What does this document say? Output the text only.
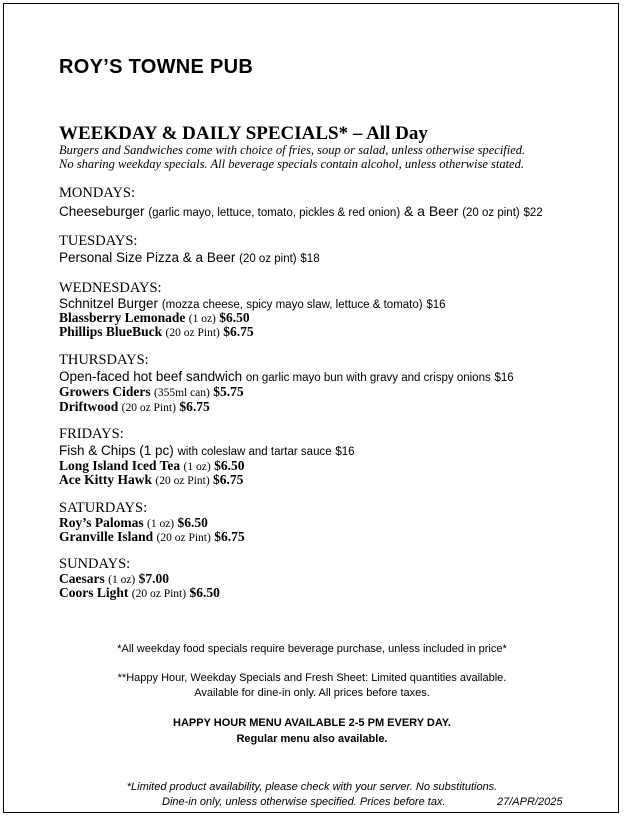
ROY’S TOWNE PUB
WEEKDAY & DAILY SPECIALS* – All Day
Burgers and Sandwiches come with choice of fries, soup or salad, unless otherwise specified.
No sharing weekday specials. All beverage specials contain alcohol, unless otherwise stated.
MONDAYS:
Cheeseburger (garlic mayo, lettuce, tomato, pickles & red onion) & a Beer (20 oz pint) $22
TUESDAYS:
Personal Size Pizza & a Beer (20 oz pint) $18
WEDNESDAYS:
Schnitzel Burger (mozza cheese, spicy mayo slaw, lettuce & tomato) $16
Blassberry Lemonade (1 oz) $6.50
Phillips BlueBuck (20 oz Pint) $6.75
THURSDAYS:
Open-faced hot beef sandwich on garlic mayo bun with gravy and crispy onions $16
Growers Ciders (355ml can) $5.75
Driftwood (20 oz Pint) $6.75
FRIDAYS:
Fish & Chips (1 pc) with coleslaw and tartar sauce $16
Long Island Iced Tea (1 oz) $6.50
Ace Kitty Hawk (20 oz Pint) $6.75
SATURDAYS:
Roy’s Palomas (1 oz) $6.50
Granville Island (20 oz Pint) $6.75
SUNDAYS:
Caesars (1 oz) $7.00
Coors Light (20 oz Pint) $6.50
*All weekday food specials require beverage purchase, unless included in price*
**Happy Hour, Weekday Specials and Fresh Sheet: Limited quantities available.
Available for dine-in only. All prices before taxes.
HAPPY HOUR MENU AVAILABLE 2-5 PM EVERY DAY.
Regular menu also available.
*Limited product availability, please check with your server. No substitutions.
Dine-in only, unless otherwise specified. Prices before tax.	27/APR/2025
